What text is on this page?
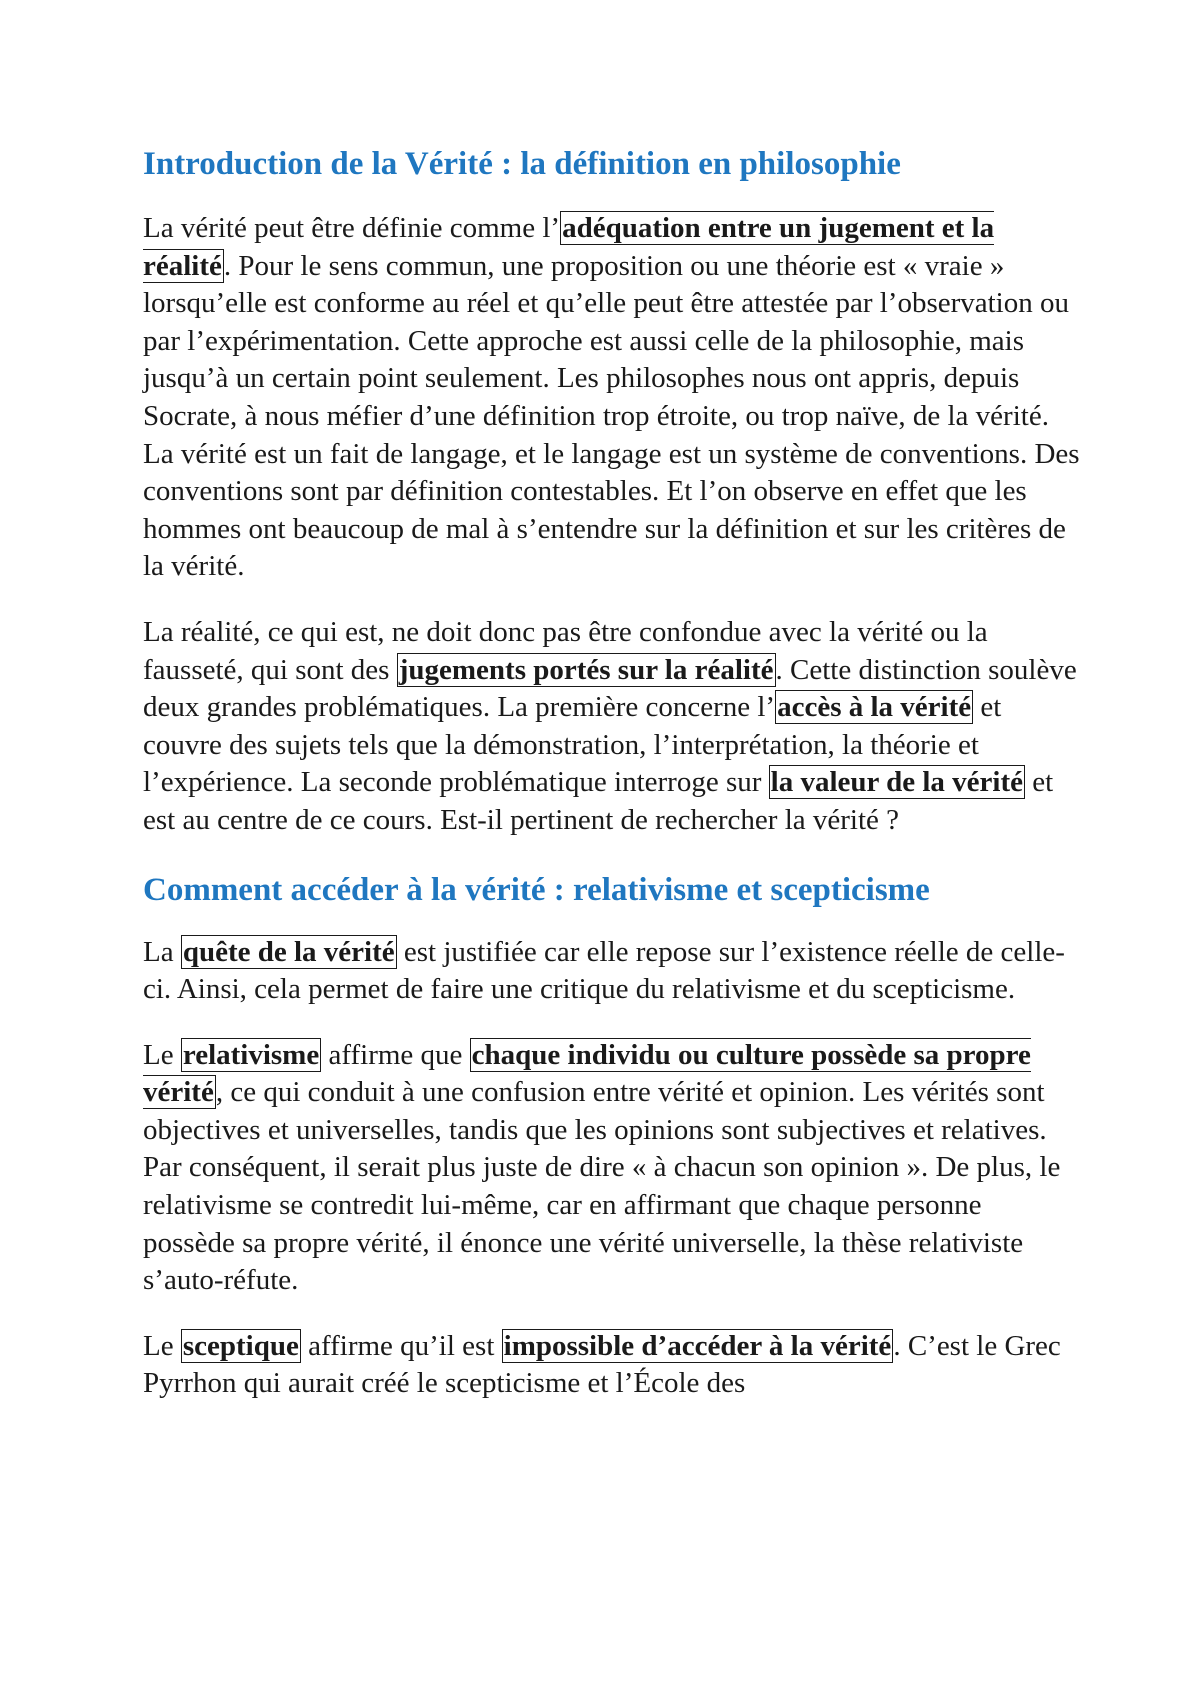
Introduction de la Vérité : la définition en philosophie

La vérité peut être définie comme l’adéquation entre un jugement et la réalité. Pour le sens commun, une proposition ou une théorie est « vraie » lorsqu’elle est conforme au réel et qu’elle peut être attestée par l’observation ou par l’expérimentation. Cette approche est aussi celle de la philosophie, mais jusqu’à un certain point seulement. Les philosophes nous ont appris, depuis Socrate, à nous méfier d’une définition trop étroite, ou trop naïve, de la vérité. La vérité est un fait de langage, et le langage est un système de conventions. Des conventions sont par définition contestables. Et l’on observe en effet que les hommes ont beaucoup de mal à s’entendre sur la définition et sur les critères de la vérité.

La réalité, ce qui est, ne doit donc pas être confondue avec la vérité ou la fausseté, qui sont des jugements portés sur la réalité. Cette distinction soulève deux grandes problématiques. La première concerne l’accès à la vérité et couvre des sujets tels que la démonstration, l’interprétation, la théorie et l’expérience. La seconde problématique interroge sur la valeur de la vérité et est au centre de ce cours. Est-il pertinent de rechercher la vérité ?

Comment accéder à la vérité : relativisme et scepticisme

La quête de la vérité est justifiée car elle repose sur l’existence réelle de celle-ci. Ainsi, cela permet de faire une critique du relativisme et du scepticisme.

Le relativisme affirme que chaque individu ou culture possède sa propre vérité, ce qui conduit à une confusion entre vérité et opinion. Les vérités sont objectives et universelles, tandis que les opinions sont subjectives et relatives. Par conséquent, il serait plus juste de dire « à chacun son opinion ». De plus, le relativisme se contredit lui-même, car en affirmant que chaque personne possède sa propre vérité, il énonce une vérité universelle, la thèse relativiste s’auto-réfute.

Le sceptique affirme qu’il est impossible d’accéder à la vérité. C’est le Grec Pyrrhon qui aurait créé le scepticisme et l’École des
